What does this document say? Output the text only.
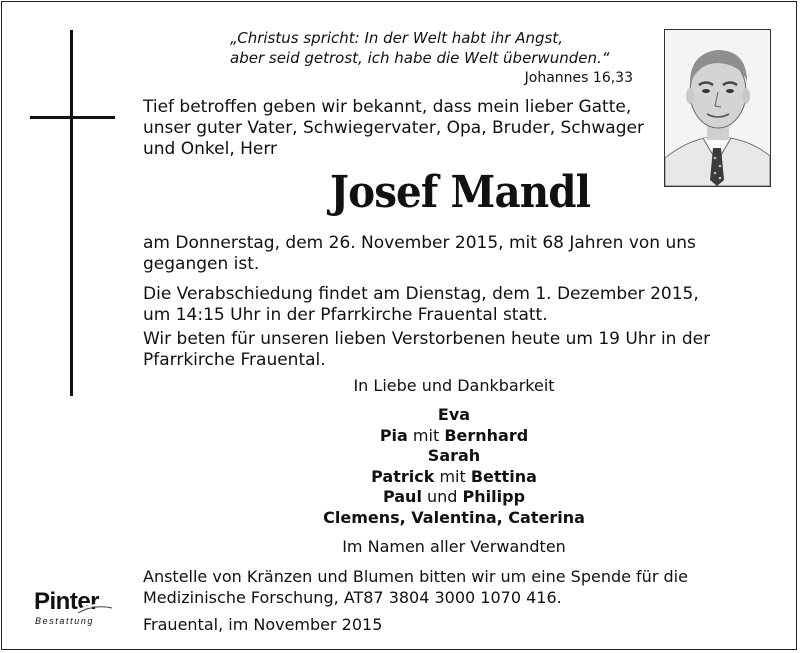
„Christus spricht: In der Welt habt ihr Angst,
aber seid getrost, ich habe die Welt überwunden.“
Johannes 16,33
Tief betroffen geben wir bekannt, dass mein lieber Gatte,
unser guter Vater, Schwiegervater, Opa, Bruder, Schwager
und Onkel, Herr
Josef Mandl
am Donnerstag, dem 26. November 2015, mit 68 Jahren von uns
gegangen ist.
Die Verabschiedung findet am Dienstag, dem 1. Dezember 2015,
um 14:15 Uhr in der Pfarrkirche Frauental statt.
Wir beten für unseren lieben Verstorbenen heute um 19 Uhr in der
Pfarrkirche Frauental.
In Liebe und Dankbarkeit
Eva
Pia mit Bernhard
Sarah
Patrick mit Bettina
Paul und Philipp
Clemens, Valentina, Caterina
Im Namen aller Verwandten
Anstelle von Kränzen und Blumen bitten wir um eine Spende für die
Medizinische Forschung, AT87 3804 3000 1070 416.
Frauental, im November 2015
Pinter
Bestattung
